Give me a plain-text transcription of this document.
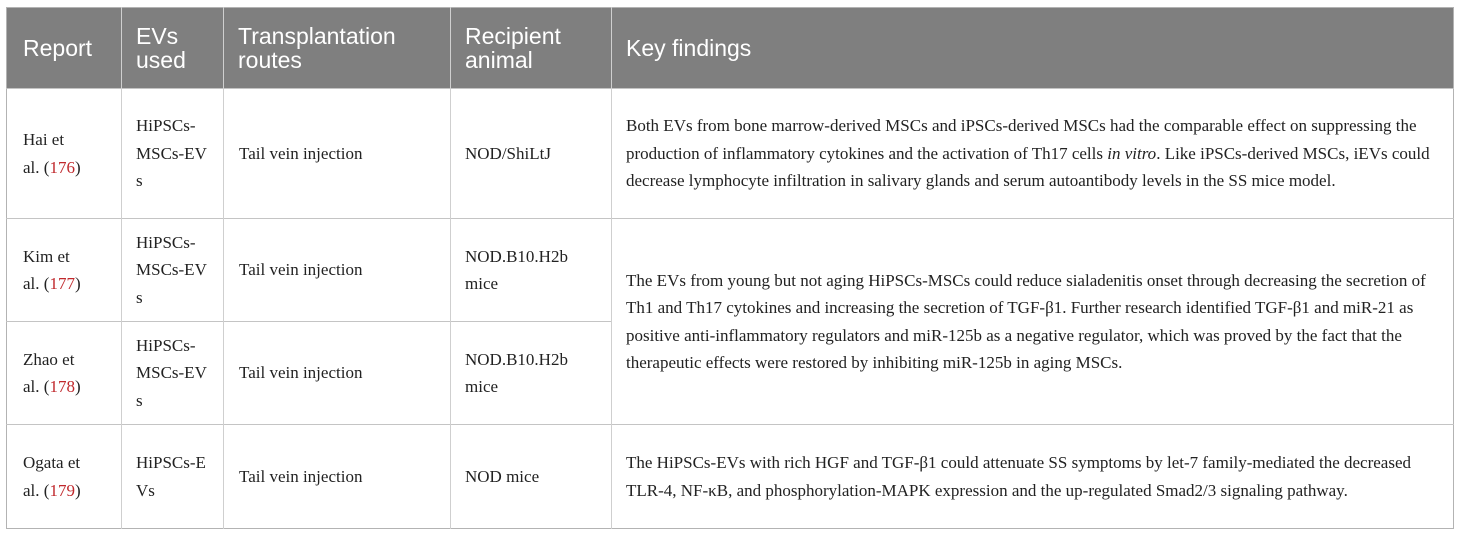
Report	EVs used	Transplantation routes	Recipient animal	Key findings
Hai et al. (176)	HiPSCs-MSCs-EVs	Tail vein injection	NOD/ShiLtJ	Both EVs from bone marrow-derived MSCs and iPSCs-derived MSCs had the comparable effect on suppressing the production of inflammatory cytokines and the activation of Th17 cells in vitro. Like iPSCs-derived MSCs, iEVs could decrease lymphocyte infiltration in salivary glands and serum autoantibody levels in the SS mice model.
Kim et al. (177)	HiPSCs-MSCs-EVs	Tail vein injection	NOD.B10.H2b mice	The EVs from young but not aging HiPSCs-MSCs could reduce sialadenitis onset through decreasing the secretion of Th1 and Th17 cytokines and increasing the secretion of TGF-β1. Further research identified TGF-β1 and miR-21 as positive anti-inflammatory regulators and miR-125b as a negative regulator, which was proved by the fact that the therapeutic effects were restored by inhibiting miR-125b in aging MSCs.
Zhao et al. (178)	HiPSCs-MSCs-EVs	Tail vein injection	NOD.B10.H2b mice	
Ogata et al. (179)	HiPSCs-EVs	Tail vein injection	NOD mice	The HiPSCs-EVs with rich HGF and TGF-β1 could attenuate SS symptoms by let-7 family-mediated the decreased TLR-4, NF-κB, and phosphorylation-MAPK expression and the up-regulated Smad2/3 signaling pathway.
